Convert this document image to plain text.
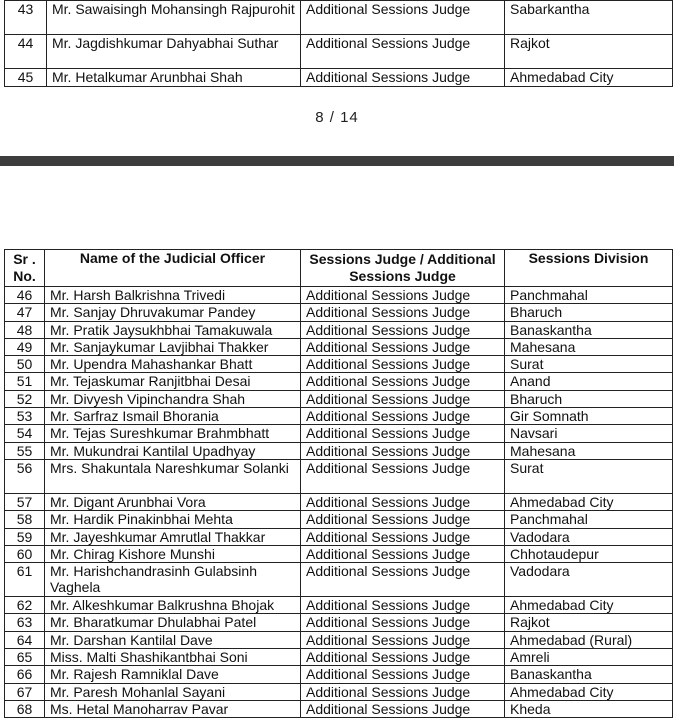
43	Mr. Sawaisingh Mohansingh Rajpurohit	Additional Sessions Judge	Sabarkantha
44	Mr. Jagdishkumar Dahyabhai Suthar	Additional Sessions Judge	Rajkot
45	Mr. Hetalkumar Arunbhai Shah	Additional Sessions Judge	Ahmedabad City
8 / 14
Sr . No.	Name of the Judicial Officer	Sessions Judge / Additional Sessions Judge	Sessions Division
46	Mr. Harsh Balkrishna Trivedi	Additional Sessions Judge	Panchmahal
47	Mr. Sanjay Dhruvakumar Pandey	Additional Sessions Judge	Bharuch
48	Mr. Pratik Jaysukhbhai Tamakuwala	Additional Sessions Judge	Banaskantha
49	Mr. Sanjaykumar Lavjibhai Thakker	Additional Sessions Judge	Mahesana
50	Mr. Upendra Mahashankar Bhatt	Additional Sessions Judge	Surat
51	Mr. Tejaskumar Ranjitbhai Desai	Additional Sessions Judge	Anand
52	Mr. Divyesh Vipinchandra Shah	Additional Sessions Judge	Bharuch
53	Mr. Sarfraz Ismail Bhorania	Additional Sessions Judge	Gir Somnath
54	Mr. Tejas Sureshkumar Brahmbhatt	Additional Sessions Judge	Navsari
55	Mr. Mukundrai Kantilal Upadhyay	Additional Sessions Judge	Mahesana
56	Mrs. Shakuntala Nareshkumar Solanki	Additional Sessions Judge	Surat
57	Mr. Digant Arunbhai Vora	Additional Sessions Judge	Ahmedabad City
58	Mr. Hardik Pinakinbhai Mehta	Additional Sessions Judge	Panchmahal
59	Mr. Jayeshkumar Amrutlal Thakkar	Additional Sessions Judge	Vadodara
60	Mr. Chirag Kishore Munshi	Additional Sessions Judge	Chhotaudepur
61	Mr. Harishchandrasinh Gulabsinh Vaghela	Additional Sessions Judge	Vadodara
62	Mr. Alkeshkumar Balkrushna Bhojak	Additional Sessions Judge	Ahmedabad City
63	Mr. Bharatkumar Dhulabhai Patel	Additional Sessions Judge	Rajkot
64	Mr. Darshan Kantilal Dave	Additional Sessions Judge	Ahmedabad (Rural)
65	Miss. Malti Shashikantbhai Soni	Additional Sessions Judge	Amreli
66	Mr. Rajesh Ramniklal Dave	Additional Sessions Judge	Banaskantha
67	Mr. Paresh Mohanlal Sayani	Additional Sessions Judge	Ahmedabad City
68	Ms. Hetal Manoharrav Pavar	Additional Sessions Judge	Kheda
